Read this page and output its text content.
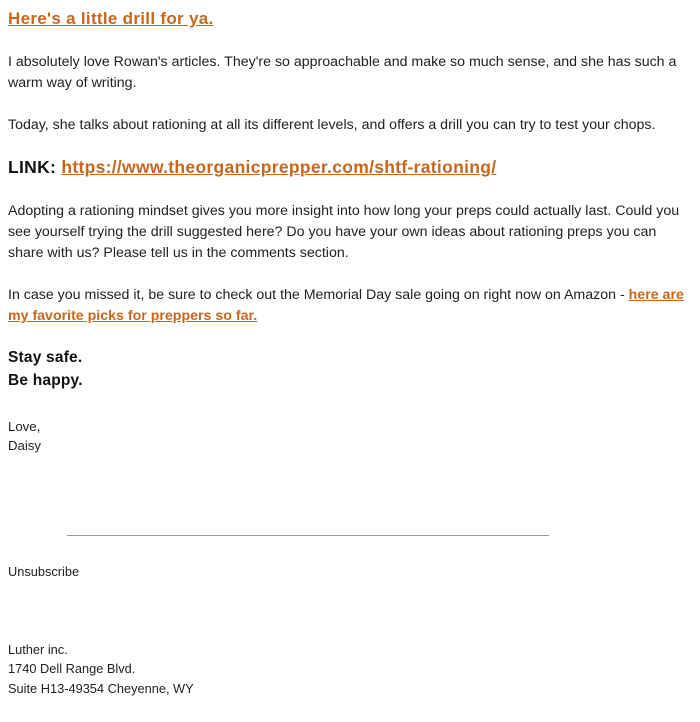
Here's a little drill for ya.

I absolutely love Rowan's articles. They're so approachable and make so much sense, and she has such a warm way of writing.

Today, she talks about rationing at all its different levels, and offers a drill you can try to test your chops.

LINK: https://www.theorganicprepper.com/shtf-rationing/

Adopting a rationing mindset gives you more insight into how long your preps could actually last. Could you see yourself trying the drill suggested here? Do you have your own ideas about rationing preps you can share with us? Please tell us in the comments section.

In case you missed it, be sure to check out the Memorial Day sale going on right now on Amazon - here are my favorite picks for preppers so far.

Stay safe.
Be happy.
Love,
Daisy
Unsubscribe
Luther inc.
1740 Dell Range Blvd.
Suite H13-49354 Cheyenne, WY
